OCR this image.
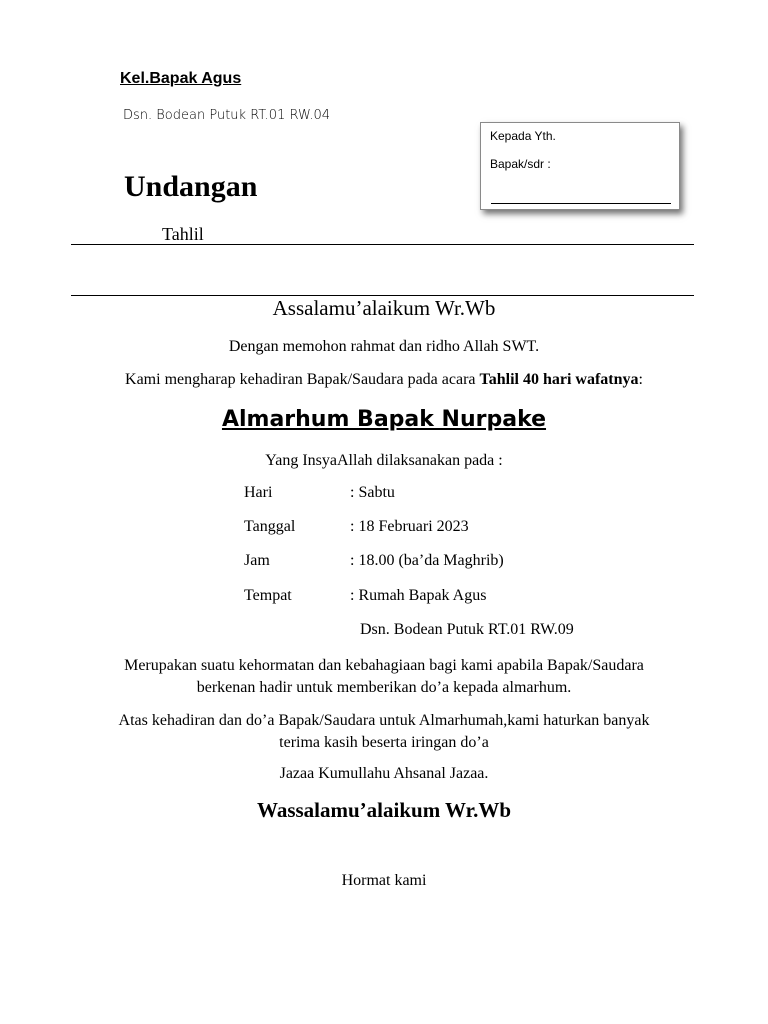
Kel.Bapak Agus
Dsn. Bodean Putuk RT.01 RW.04
Kepada Yth.
Bapak/sdr :
Undangan
Tahlil
Assalamu’alaikum Wr.Wb
Dengan memohon rahmat dan ridho Allah SWT.
Kami mengharap kehadiran Bapak/Saudara pada acara Tahlil 40 hari wafatnya:
Almarhum Bapak Nurpake
Yang InsyaAllah dilaksanakan pada :
Hari	: Sabtu
Tanggal	: 18 Februari 2023
Jam	: 18.00 (ba’da Maghrib)
Tempat	: Rumah Bapak Agus
Dsn. Bodean Putuk RT.01 RW.09
Merupakan suatu kehormatan dan kebahagiaan bagi kami apabila Bapak/Saudara
berkenan hadir untuk memberikan do’a kepada almarhum.
Atas kehadiran dan do’a Bapak/Saudara untuk Almarhumah,kami haturkan banyak
terima kasih beserta iringan do’a
Jazaa Kumullahu Ahsanal Jazaa.
Wassalamu’alaikum Wr.Wb
Hormat kami
